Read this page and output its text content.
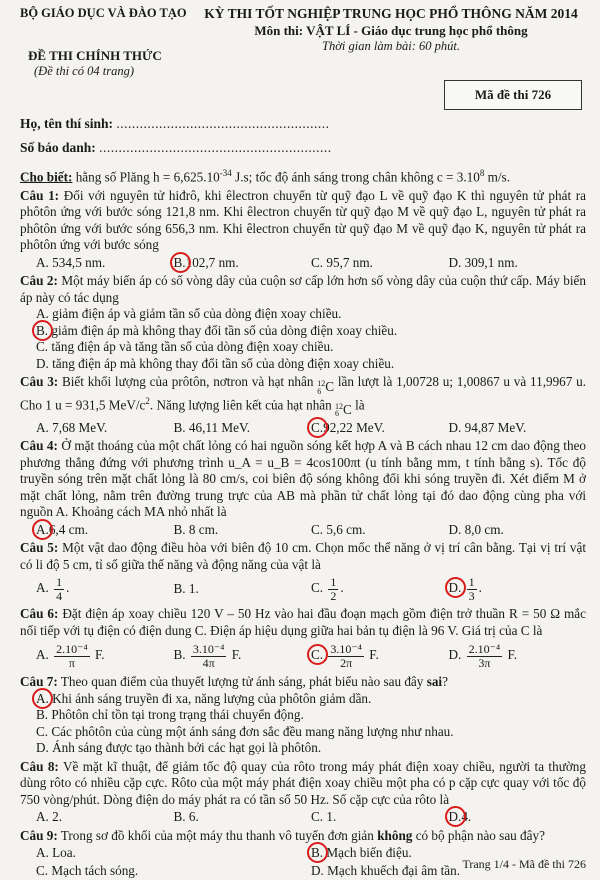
BỘ GIÁO DỤC VÀ ĐÀO TẠO
ĐỀ THI CHÍNH THỨC
(Đề thi có 04 trang)
KỲ THI TỐT NGHIỆP TRUNG HỌC PHỔ THÔNG NĂM 2014
Môn thi: VẬT LÍ - Giáo dục trung học phổ thông
Thời gian làm bài: 60 phút.
Mã đề thi 726
Họ, tên thí sinh: .......................................................
Số báo danh: ............................................................
Cho biết: hằng số Plăng $h = 6,625.10^{-34}$ J.s; tốc độ ánh sáng trong chân không $c = 3.10^8$ m/s.
Câu 1: Đối với nguyên tử hiđrô, khi êlectron chuyển từ quỹ đạo L về quỹ đạo K thì nguyên tử phát ra phôtôn ứng với bước sóng 121,8 nm. Khi êlectron chuyển từ quỹ đạo M về quỹ đạo L, nguyên tử phát ra phôtôn ứng với bước sóng 656,3 nm. Khi êlectron chuyển từ quỹ đạo M về quỹ đạo K, nguyên tử phát ra phôtôn ứng với bước sóng
A. 534,5 nm.	B.102,7 nm.	C. 95,7 nm.	D. 309,1 nm.
Câu 2: Một máy biến áp có số vòng dây của cuộn sơ cấp lớn hơn số vòng dây của cuộn thứ cấp. Máy biến áp này có tác dụng
A. giảm điện áp và giảm tần số của dòng điện xoay chiều.
B. giảm điện áp mà không thay đổi tần số của dòng điện xoay chiều.
C. tăng điện áp và tăng tần số của dòng điện xoay chiều.
D. tăng điện áp mà không thay đổi tần số của dòng điện xoay chiều.
Câu 3: Biết khối lượng của prôtôn, nơtron và hạt nhân 12
6 C lần lượt là 1,00728 u; 1,00867 u và 11,9967 u. Cho 1 u = 931,5 MeV/$c^2$. Năng lượng liên kết của hạt nhân 12
6 C là
A. 7,68 MeV.	B. 46,11 MeV.	C.92,22 MeV.	D. 94,87 MeV.
Câu 4: Ở mặt thoáng của một chất lỏng có hai nguồn sóng kết hợp A và B cách nhau 12 cm dao động theo phương thẳng đứng với phương trình u_A = u_B = 4cos100πt (u tính bằng mm, t tính bằng s). Tốc độ truyền sóng trên mặt chất lỏng là 80 cm/s, coi biên độ sóng không đổi khi sóng truyền đi. Xét điểm M ở mặt chất lỏng, nằm trên đường trung trực của AB mà phần tử chất lỏng tại đó dao động cùng pha với nguồn A. Khoảng cách MA nhỏ nhất là
A.6,4 cm.	B. 8 cm.	C. 5,6 cm.	D. 8,0 cm.
Câu 5: Một vật dao động điều hòa với biên độ 10 cm. Chọn mốc thế năng ở vị trí cân bằng. Tại vị trí vật có li độ 5 cm, tỉ số giữa thế năng và động năng của vật là
A. $\frac{1}{4}$ .	B. 1.	C. $\frac{1}{2}$ .	D. $\frac{1}{3}$ .
Câu 6: Đặt điện áp xoay chiều 120 V – 50 Hz vào hai đầu đoạn mạch gồm điện trở thuần R = 50 Ω mắc nối tiếp với tụ điện có điện dung C. Điện áp hiệu dụng giữa hai bản tụ điện là 96 V. Giá trị của C là
A. $\frac{\text{2.10⁻⁴}}{\pi} F$.	B. $\frac{\text{3.10⁻⁴}}{4\pi} F$.	C. $\frac{\text{3.10⁻⁴}}{2\pi} F$.	D. $\frac{\text{2.10⁻⁴}}{3\pi} F$.
Câu 7: Theo quan điểm của thuyết lượng tử ánh sáng, phát biểu nào sau đây sai?
A. Khi ánh sáng truyền đi xa, năng lượng của phôtôn giảm dần.
B. Phôtôn chỉ tồn tại trong trạng thái chuyển động.
C. Các phôtôn của cùng một ánh sáng đơn sắc đều mang năng lượng như nhau.
D. Ánh sáng được tạo thành bởi các hạt gọi là phôtôn.
Câu 8: Về mặt kĩ thuật, để giảm tốc độ quay của rôto trong máy phát điện xoay chiều, người ta thường dùng rôto có nhiều cặp cực. Rôto của một máy phát điện xoay chiều một pha có p cặp cực quay với tốc độ 750 vòng/phút. Dòng điện do máy phát ra có tần số 50 Hz. Số cặp cực của rôto là
A. 2.	B. 6.	C. 1.	D.4.
Câu 9: Trong sơ đồ khối của một máy thu thanh vô tuyến đơn giản không có bộ phận nào sau đây?
A. Loa.	B. Mạch biến điệu.
C. Mạch tách sóng.	D. Mạch khuếch đại âm tần. Trang 1/4 - Mã đề thi 726
